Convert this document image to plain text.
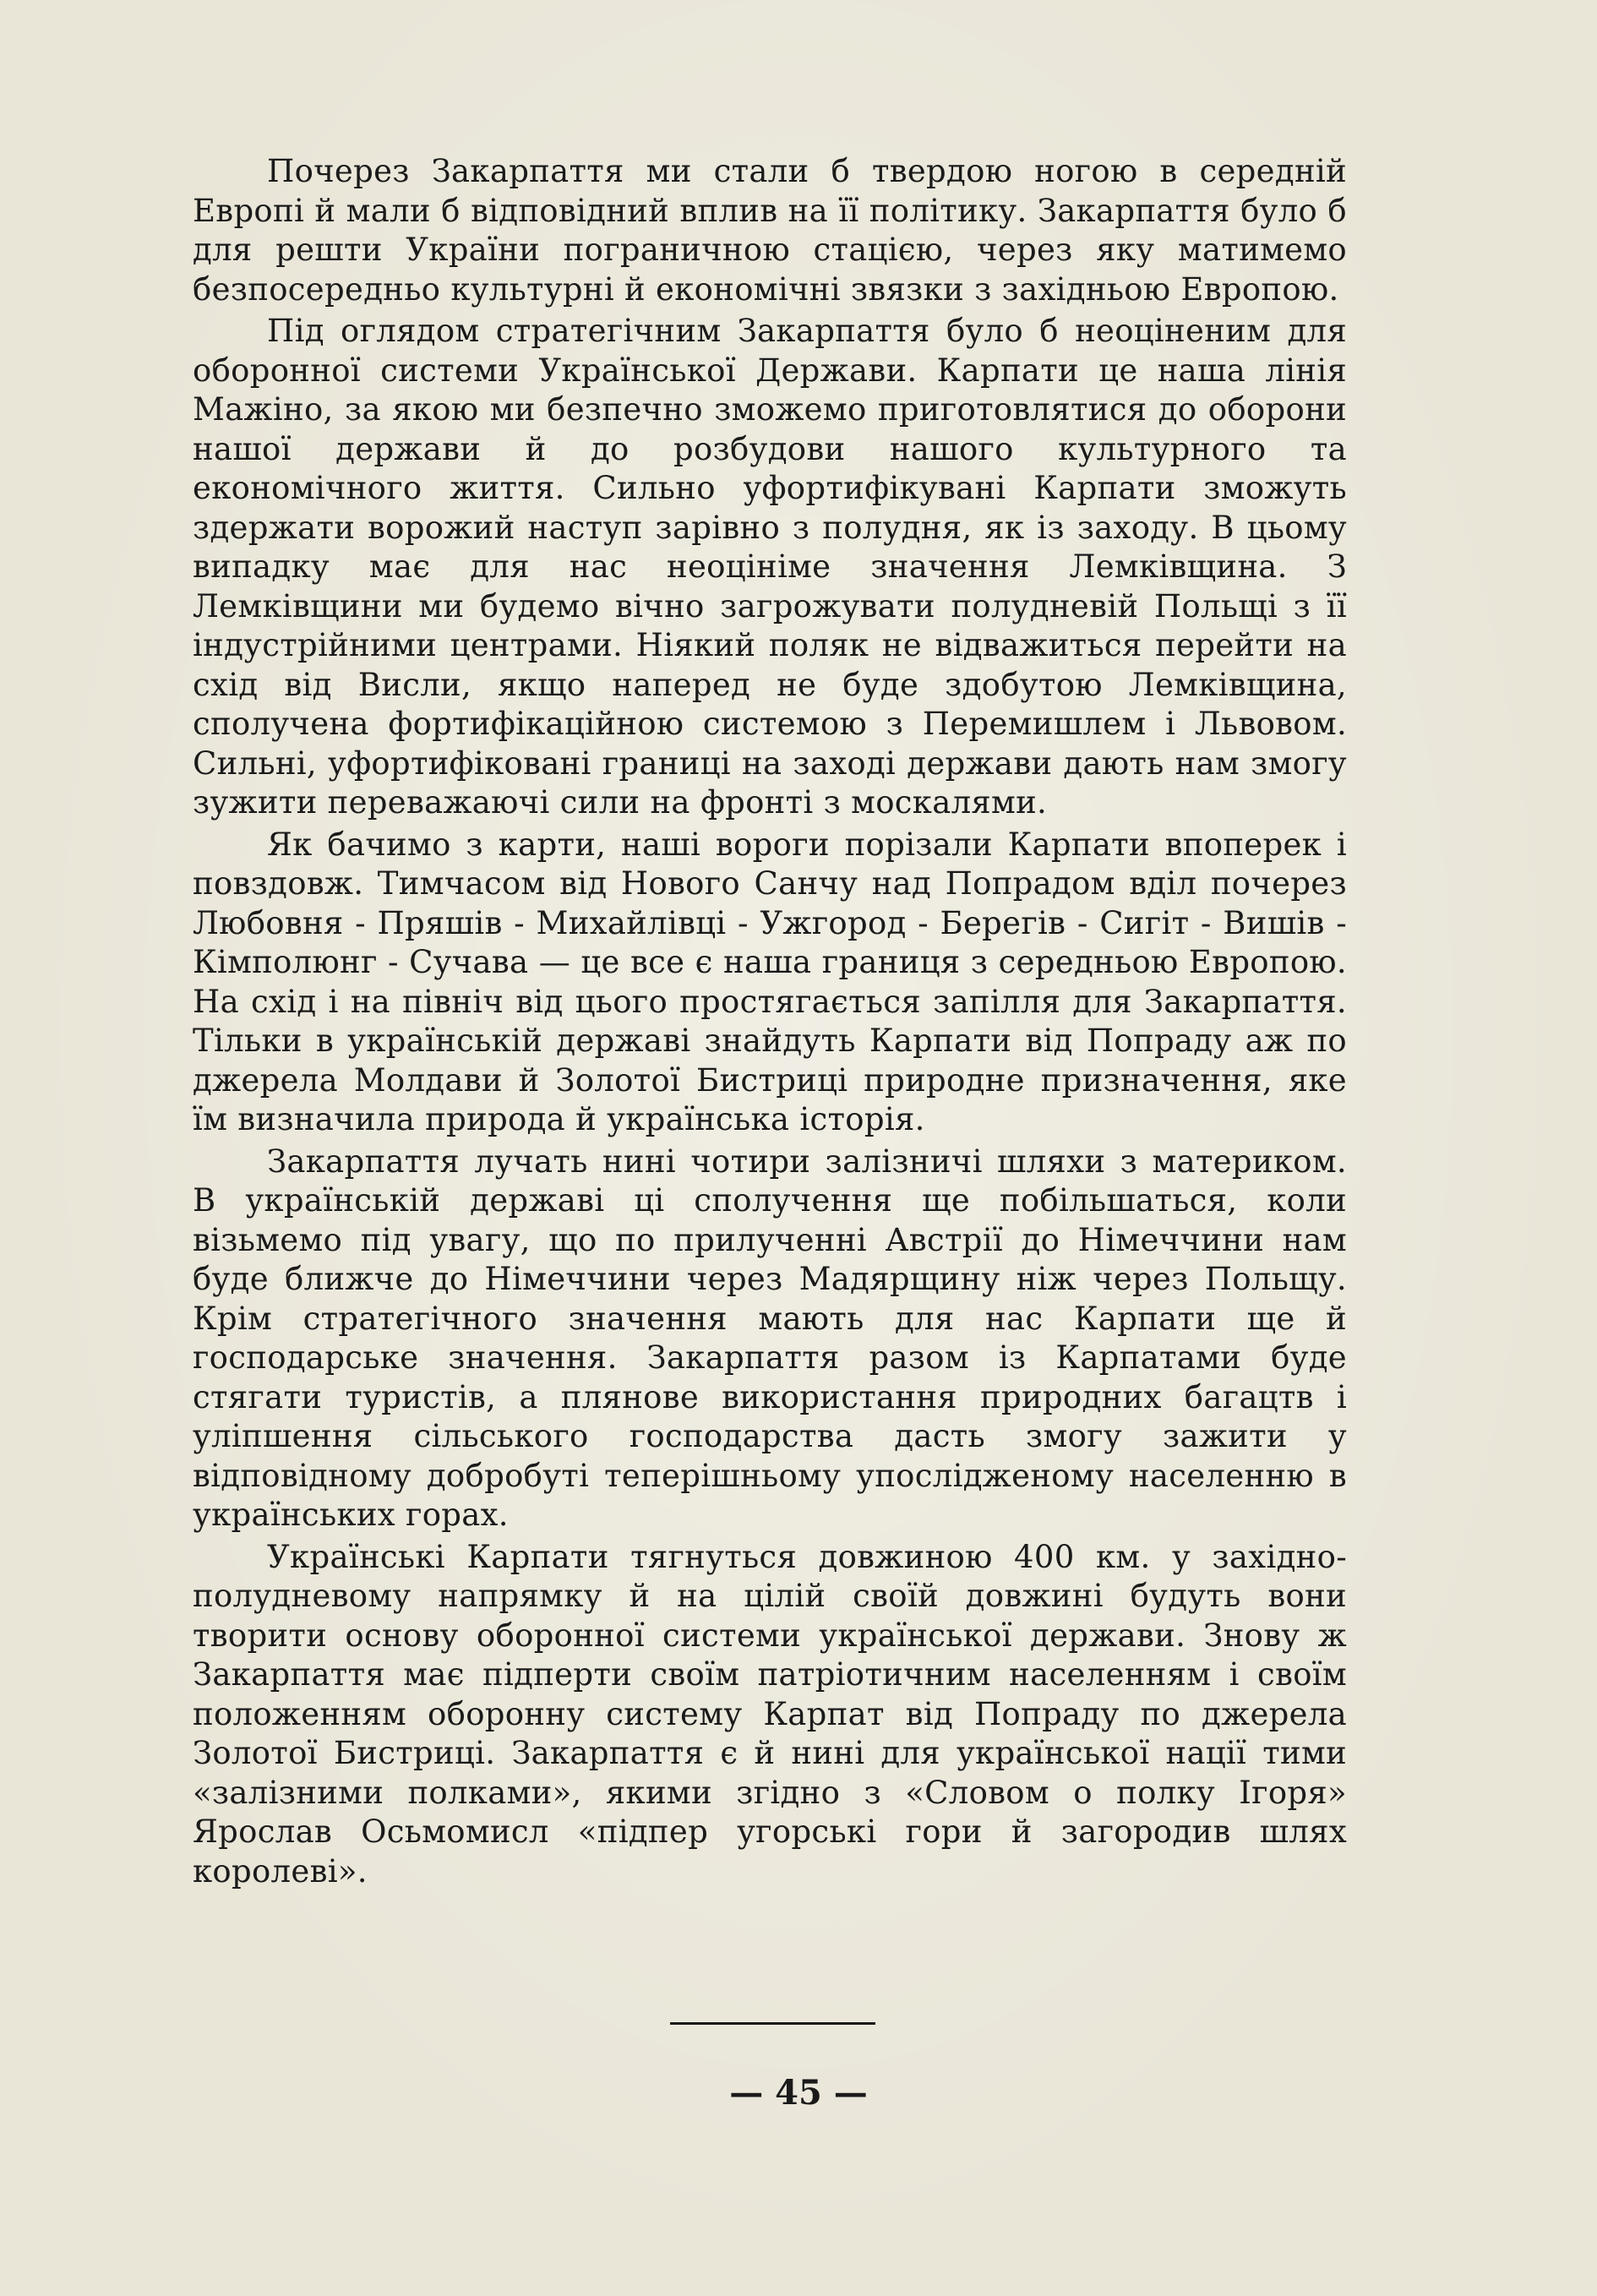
Почерез Закарпаття ми стали б твердою ногою в середній Европі й мали б відповідний вплив на її політику. Закарпаття було б для решти України пограничною стацією, через яку матимемо безпосередньо культурні й економічні звязки з західньою Европою.

Під оглядом стратегічним Закарпаття було б неоціненим для оборонної системи Української Держави. Карпати це наша лінія Мажіно, за якою ми безпечно зможемо приготовлятися до оборони нашої держави й до розбудови нашого культурного та економічного життя. Сильно уфортифікувані Карпати зможуть здержати ворожий наступ зарівно з полудня, як із заходу. В цьому випадку має для нас неоцініме значення Лемківщина. З Лемківщини ми будемо вічно загрожувати полудневій Польщі з її індустрійними центрами. Ніякий поляк не відважиться перейти на схід від Висли, якщо наперед не буде здобутою Лемківщина, сполучена фортифікаційною системою з Перемишлем і Львовом. Сильні, уфортифіковані границі на заході держави дають нам змогу зужити переважаючі сили на фронті з москалями.

Як бачимо з карти, наші вороги порізали Карпати впоперек і повздовж. Тимчасом від Нового Санчу над Попрадом вділ почерез Любовня - Пряшів - Михайлівці - Ужгород - Берегів - Сигіт - Вишів - Кімполюнг - Сучава — це все є наша границя з середньою Европою. На схід і на північ від цього простягається запілля для Закарпаття. Тільки в українській державі знайдуть Карпати від Попраду аж по джерела Молдави й Золотої Бистриці природне призначення, яке їм визначила природа й українська історія.

Закарпаття лучать нині чотири залізничі шляхи з материком. В українській державі ці сполучення ще побільшаться, коли візьмемо під увагу, що по прилученні Австрії до Німеччини нам буде ближче до Німеччини через Мадярщину ніж через Польщу. Крім стратегічного значення мають для нас Карпати ще й господарське значення. Закарпаття разом із Карпатами буде стягати туристів, а плянове використання природних багацтв і уліпшення сільського господарства дасть змогу зажити у відповідному добробуті теперішньому упослідженому населенню в українських горах.

Українські Карпати тягнуться довжиною 400 км. у західно-полудневому напрямку й на цілій своїй довжині будуть вони творити основу оборонної системи української держави. Знову ж Закарпаття має підперти своїм патріотичним населенням і своїм положенням оборонну систему Карпат від Попраду по джерела Золотої Бистриці. Закарпаття є й нині для української нації тими «залізними полками», якими згідно з «Словом о полку Ігоря» Ярослав Осьмомисл «підпер угорські гори й загородив шлях королеві».

— 45 —
